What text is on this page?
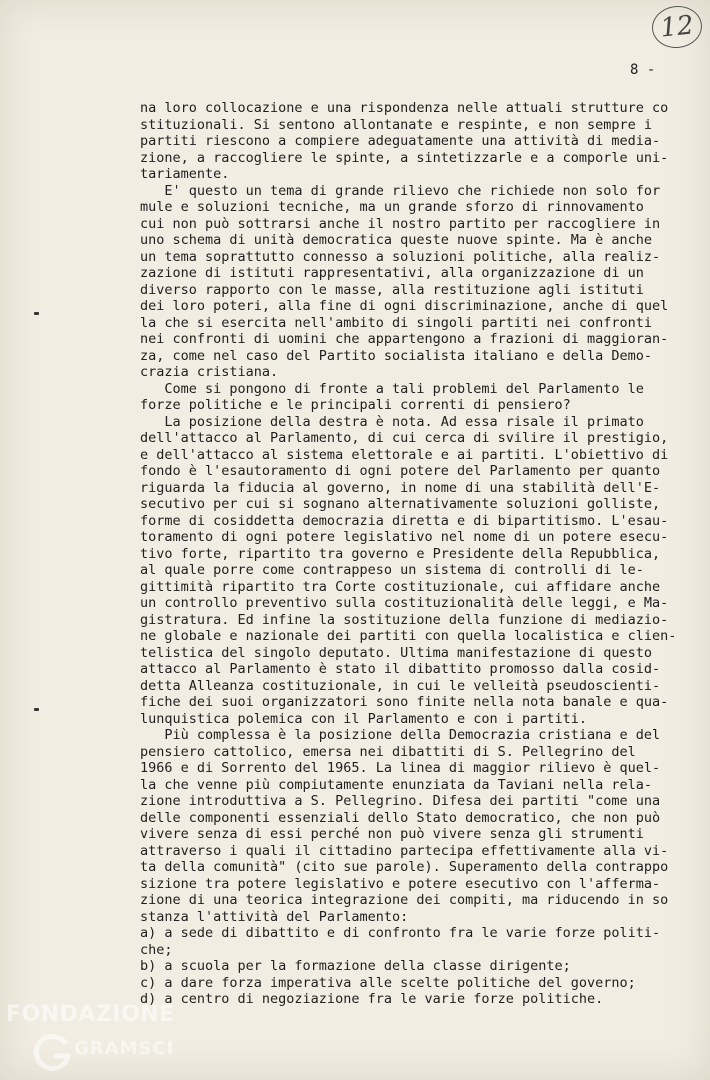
12
8 -
na loro collocazione e una rispondenza nelle attuali strutture co
stituzionali. Si sentono allontanate e respinte, e non sempre i
partiti riescono a compiere adeguatamente una attività di media-
zione, a raccogliere le spinte, a sintetizzarle e a comporle uni-
tariamente.
E' questo un tema di grande rilievo che richiede non solo for
mule e soluzioni tecniche, ma un grande sforzo di rinnovamento
cui non può sottrarsi anche il nostro partito per raccogliere in
uno schema di unità democratica queste nuove spinte. Ma è anche
un tema soprattutto connesso a soluzioni politiche, alla realiz-
zazione di istituti rappresentativi, alla organizzazione di un
diverso rapporto con le masse, alla restituzione agli istituti
dei loro poteri, alla fine di ogni discriminazione, anche di quel
la che si esercita nell'ambito di singoli partiti nei confronti
nei confronti di uomini che appartengono a frazioni di maggioran-
za, come nel caso del Partito socialista italiano e della Demo-
crazia cristiana.
Come si pongono di fronte a tali problemi del Parlamento le
forze politiche e le principali correnti di pensiero?
La posizione della destra è nota. Ad essa risale il primato
dell'attacco al Parlamento, di cui cerca di svilire il prestigio,
e dell'attacco al sistema elettorale e ai partiti. L'obiettivo di
fondo è l'esautoramento di ogni potere del Parlamento per quanto
riguarda la fiducia al governo, in nome di una stabilità dell'E-
secutivo per cui si sognano alternativamente soluzioni golliste,
forme di cosiddetta democrazia diretta e di bipartitismo. L'esau-
toramento di ogni potere legislativo nel nome di un potere esecu-
tivo forte, ripartito tra governo e Presidente della Repubblica,
al quale porre come contrappeso un sistema di controlli di le-
gittimità ripartito tra Corte costituzionale, cui affidare anche
un controllo preventivo sulla costituzionalità delle leggi, e Ma-
gistratura. Ed infine la sostituzione della funzione di mediazio-
ne globale e nazionale dei partiti con quella localistica e clien-
telistica del singolo deputato. Ultima manifestazione di questo
attacco al Parlamento è stato il dibattito promosso dalla cosid-
detta Alleanza costituzionale, in cui le velleità pseudoscienti-
fiche dei suoi organizzatori sono finite nella nota banale e qua-
lunquistica polemica con il Parlamento e con i partiti.
Più complessa è la posizione della Democrazia cristiana e del
pensiero cattolico, emersa nei dibattiti di S. Pellegrino del
1966 e di Sorrento del 1965. La linea di maggior rilievo è quel-
la che venne più compiutamente enunziata da Taviani nella rela-
zione introduttiva a S. Pellegrino. Difesa dei partiti "come una
delle componenti essenziali dello Stato democratico, che non può
vivere senza di essi perché non può vivere senza gli strumenti
attraverso i quali il cittadino partecipa effettivamente alla vi-
ta della comunità" (cito sue parole). Superamento della contrappo
sizione tra potere legislativo e potere esecutivo con l'afferma-
zione di una teorica integrazione dei compiti, ma riducendo in so
stanza l'attività del Parlamento:
a) a sede di dibattito e di confronto fra le varie forze politi-
che;
b) a scuola per la formazione della classe dirigente;
c) a dare forza imperativa alle scelte politiche del governo;
d) a centro di negoziazione fra le varie forze politiche.
FONDAZIONE
GRAMSCI
